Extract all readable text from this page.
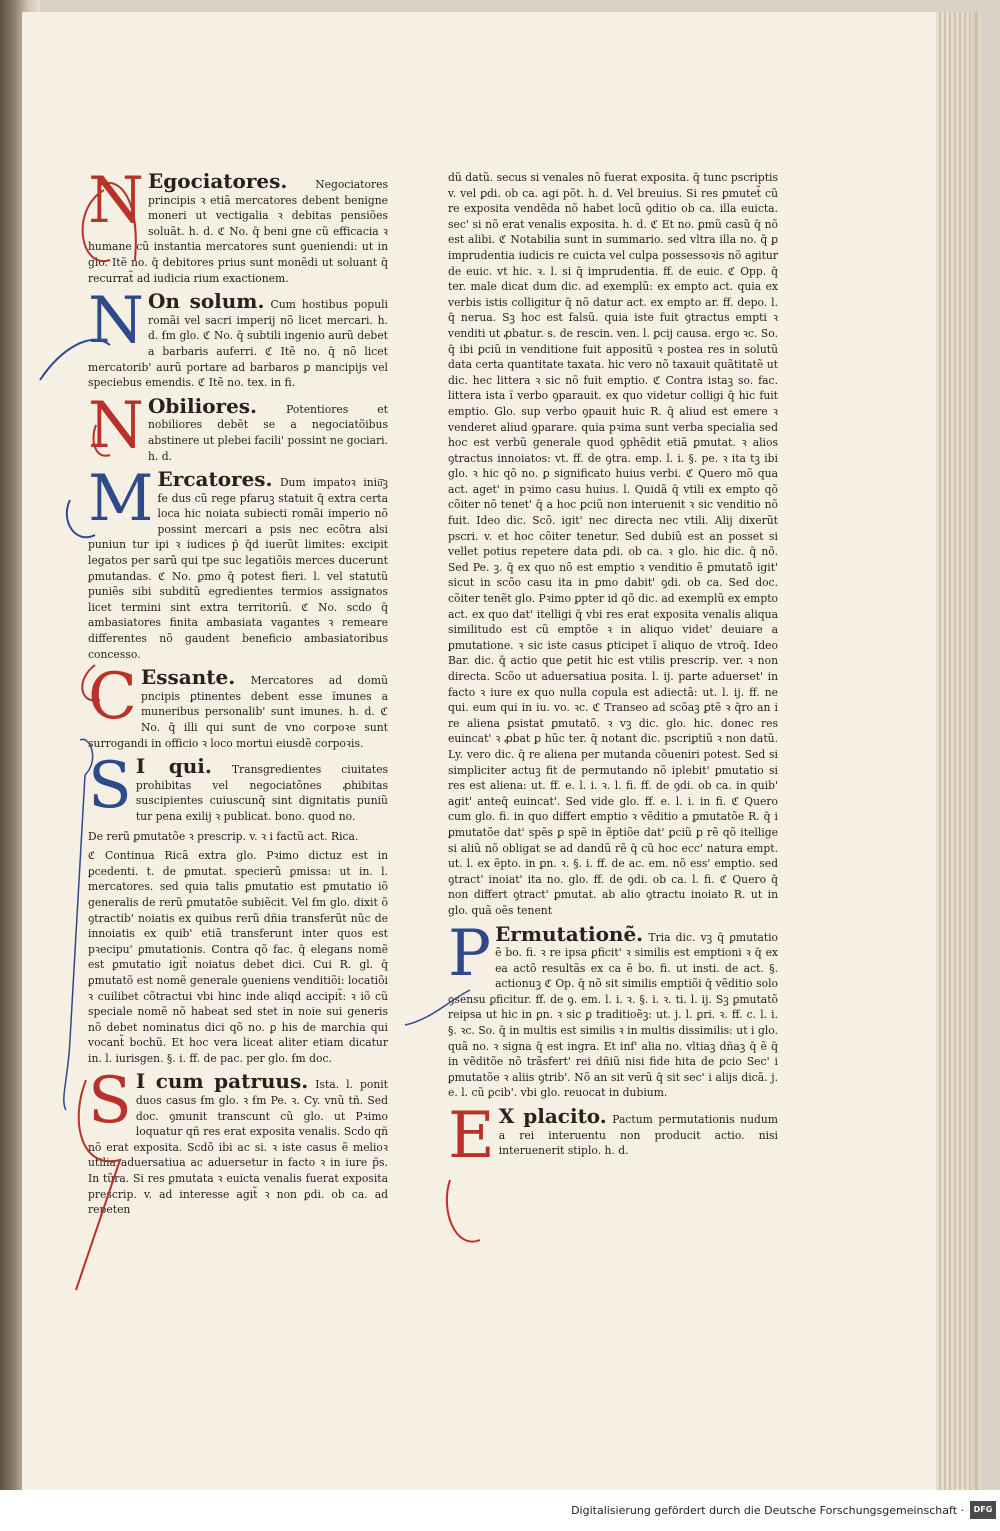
N Egociatores.	Negociatores principis ꝛ etiã mercatores debent benigne moneri ut vectigalia ꝛ debitas pensiões soluãt. h. d. ℭ No. q̄ beni gne cũ efficacia ꝛ humane cũ instantia mercatores sunt ꝯueniendi: ut in glo. Itẽ no. q̄ debitores prius sunt monẽdi ut soluant q̄ recurrat̃ ad iudicia rium exactionem.
N On solum. Cum hostibus populi romãi vel sacri imperij nõ licet mercari. h. d. ẜm glo. ℭ No. q̄ subtili ingenio aurũ debet a barbaris auferri. ℭ Itẽ no. q̄ nõ licet mercatorib' aurũ portare ad barbaros ꝑ mancipijs vel speciebus emendis. ℭ Itẽ no. tex. in fi.
N Obiliores.	Potentiores et nobiliores debẽt se a negociatõibus abstinere ut plebei facili' possint ne gociari. h. d.
M Ercatores. Dum impatoꝛ iniũ͂ꝫ fe dus cũ rege pfaruꝫ statuit q̄ extra certa loca hic noiata subiecti romãi imperio nõ possint mercari a psis nec ecõtra alsi puniun tur ipi ꝛ iudices p̄ q̄d iuerũt limites: excipit legatos per sarũ qui tpe suc legatiõis merces ducerunt ꝑmutandas. ℭ No. ꝑmo q̄ potest fieri. l. vel statutũ puniẽs sibi subditũ egredientes termios assignatos licet termini sint extra territoriũ. ℭ No. scdo q̄ ambasiatores finita ambasiata vagantes ꝛ remeare differentes nõ gaudent beneficio ambasiatoribus concesso.
C Essante. Mercatores ad domũ pncipis ꝑtinentes debent esse ĩmunes a muneribus personalib' sunt imunes. h. d. ℭ No. q̄ illi qui sunt de vno corpoꝛe sunt surrogandi in officio ꝛ loco mortui eiusdẽ corpoꝛis.
S I qui. Transgredientes ciuitates prohibitas vel negociatõnes ꝓhibitas suscipientes cuiuscunq̄ sint dignitatis puniũ tur pena exilij ꝛ publicat. bono. quod no.
De rerũ ꝑmutatõe ꝛ prescrip. v. ꝛ i factũ act. Rica.
ℭ Continua Ricã extra glo. Pꝛimo dictuz est in ꝑcedenti. t. de ꝑmutat. specierũ ꝑmissa: ut in. l. mercatores. sed quia talis ꝑmutatio est ꝑmutatio iõ generalis de rerũ ꝑmutatõe subiẽcit. Vel ẜm glo. dixit õ ꝯtractib' noiatis ex quibus rerũ dñia transferũt nũc de innoiatis ex quib' etiã transferunt inter quos est pꝛecipu' ꝑmutationis. Contra qõ fac. q̄ elegans nomẽ est ꝑmutatio igit̃ noiatus debet dici. Cui R. gl. q̄ ꝑmutatõ est nomẽ generale ꝯueniens venditiõi: locatiõi ꝛ cuilibet cõtractui vbi hinc inde aliqd accipit̃: ꝛ iõ cũ speciale nomẽ nõ habeat sed stet in noie sui generis nõ debet nominatus dici qõ no. ꝑ his de marchia qui vocant̃ bochũ. Et hoc vera liceat aliter etiam dicatur in. l. iurisgen. §. i. ff. de pac. per glo. ẜm doc.
S I cum patruus. Ista. l. ponit duos casus ẜm glo. ꝛ ẜm Pe. ꝛ. Cy. vnũ tñ. Sed doc. ꝯmunit transcunt cũ glo. ut Pꝛimo loquatur qñ res erat exposita venalis. Scdo qñ nõ erat exposita. Scdõ ibi ac si. ꝛ iste casus ẽ melioꝛ utilia aduersatiua ac aduersetur in facto ꝛ in iure p̄s. In tũra. Si res ꝑmutata ꝛ euicta venalis fuerat exposita prescrip. v. ad interesse agit̃ ꝛ non ꝑdi. ob ca. ad repeten
dũ datũ. secus si venales nõ fuerat exposita. q̄ tunc pscriptis v. vel ꝑdi. ob ca. agi põt. h. d. Vel breuius. Si res ꝑmutet̃ cũ re exposita vendẽda nõ habet locũ ꝯditio ob ca. illa euicta. sec' si nõ erat venalis exposita. h. d. ℭ Et no. ꝑmũ casũ q̄ nõ est alibi. ℭ Notabilia sunt in summario. sed vltra illa no. q̄ ꝑ imprudentia iudicis re cuicta vel culpa possessoꝛis nõ agitur de euic. vt hic. ꝛ. l. si q̄ imprudentia. ff. de euic. ℭ Opp. q̄ ter. male dicat dum dic. ad exemplũ: ex empto act. quia ex verbis istis colligitur q̄ nõ datur act. ex empto ar. ff. depo. l. q̄ nerua. Sꝫ hoc est falsũ. quia iste fuit ꝯtractus empti ꝛ venditi ut ꝓbatur. s. de rescin. ven. l. ꝑcij causa. ergo ꝛc. So. q̄ ibi ꝑciũ in venditione fuit appositũ ꝛ postea res in solutũ data certa quantitate taxata. hic vero nõ taxauit quãtitatẽ ut dic. hec littera ꝛ sic nõ fuit emptio. ℭ Contra istaꝫ so. fac. littera ista ĩ verbo ꝯparauit. ex quo videtur colligi q̄ hic fuit emptio. Glo. sup verbo ꝯpauit huic R. q̄ aliud est emere ꝛ venderet aliud ꝯparare. quia pꝛima sunt verba specialia sed hoc est verbũ generale quod ꝯphẽdit etiã ꝑmutat. ꝛ alios ꝯtractus innoiatos: vt. ff. de ꝯtra. emp. l. i. §. pe. ꝛ ita tꝫ ibi glo. ꝛ hic qõ no. ꝑ significato huius verbi. ℭ Quero mõ qua act. aget' in pꝛimo casu huius. l. Quidã q̄ vtili ex empto qõ cõiter nõ tenet' q̄ a hoc ꝑciũ non interuenit ꝛ sic venditio nõ fuit. Ideo dic. Scõ. igit' nec directa nec vtili. Alij dixerũt pscri. v. et hoc cõiter tenetur. Sed dubiũ est an posset si vellet potius repetere data ꝑdi. ob ca. ꝛ glo. hic dic. q̄ nõ. Sed Pe. ꝫ. q̄ ex quo nõ est emptio ꝛ venditio ẽ ꝑmutatõ igit' sicut in scõo casu ita in ꝑmo dabit' ꝯdi. ob ca. Sed doc. cõiter tenẽt glo. Pꝛimo ꝑpter id qõ dic. ad exemplũ ex empto act. ex quo dat' itelligi q̄ vbi res erat exposita venalis aliqua similitudo est cũ emptõe ꝛ in aliquo videt' deuiare a ꝑmutatione. ꝛ sic iste casus ꝑticipet ĩ aliquo de vtroq̄. Ideo Bar. dic. q̄ actio que ꝑetit hic est vtilis prescrip. ver. ꝛ non directa. Scõo ut aduersatiua posita. l. ij. parte aduerset' in facto ꝛ iure ex quo nulla copula est adiectã: ut. l. ij. ff. ne qui. eum qui in iu. vo. ꝛc. ℭ Transeo ad scõaꝫ ꝑtẽ ꝛ q̄ro an i re aliena ꝑsistat ꝑmutatõ. ꝛ vꝫ dic. glo. hic. donec res euincat' ꝛ ꝓbat ꝑ hũc ter. q̄ notant dic. pscriꝑtiũ ꝛ non datũ. Ly. vero dic. q̄ re aliena per mutanda cõueniri potest. Sed si simpliciter actuꝫ fit de permutando nõ iplebit' ꝑmutatio si res est aliena: ut. ff. e. l. i. ꝛ. l. fi. ff. de ꝯdi. ob ca. in quib' agit' anteq̄ euincat'. Sed vide glo. ff. e. l. i. in fi. ℭ Quero cum glo. fi. in quo differt emptio ꝛ vẽditio a ꝑmutatõe R. q̄ i ꝑmutatõe dat' spẽs ꝑ spẽ in ẽptiõe dat' ꝑciũ ꝑ rẽ qõ itellige si aliũ nõ obligat se ad dandũ rẽ q̄ cũ hoc ecc' natura empt. ut. l. ex ẽpto. in ꝑn. ꝛ. §. i. ff. de ac. em. nõ ess' emptio. sed ꝯtract' inoiat' ita no. glo. ff. de ꝯdi. ob ca. l. fi. ℭ Quero q̄ non differt ꝯtract' ꝑmutat. ab alio ꝯtractu inoiato R. ut in glo. quã oẽs tenent
P Ermutationẽ. Tria dic. vꝫ q̄ ꝑmutatio ẽ bo. fi. ꝛ re ipsa ꝑficit' ꝛ similis est emptioni ꝛ q̄ ex ea actõ resultãs ex ca ẽ bo. fi. ut insti. de act. §. actionuꝫ ℭ Op. q̄ nõ sit similis emptiõi q̄ vẽditio solo ꝯsensu ꝑficitur. ff. de ꝯ. em. l. i. ꝛ. §. i. ꝛ. ti. l. ij. Sꝫ ꝑmutatõ reipsa ut hic in ꝑn. ꝛ sic ꝑ traditioẽꝫ: ut. j. l. ꝑri. ꝛ. ff. c. l. i. §. ꝛc. So. q̄ in multis est similis ꝛ in multis dissimilis: ut i glo. quã no. ꝛ signa q̄ est ingra. Et inf' alia no. vltiaꝫ dñaꝫ q̄ ẽ q̄ in vẽditõe nõ trãsfert' rei dñiũ nisi fide hita de ꝑcio Sec' i ꝑmutatõe ꝛ aliis ꝯtrib'. Nõ an sit verũ q̄ sit sec' i alijs dicã. j. e. l. cũ ꝑcib'. vbi glo. reuocat in dubium.
E X placito. Pactum permutationis nudum a rei interuentu non producit actio. nisi interuenerit stiplo. h. d.
Digitalisierung gefördert durch die Deutsche Forschungsgemeinschaft ·	DFG
